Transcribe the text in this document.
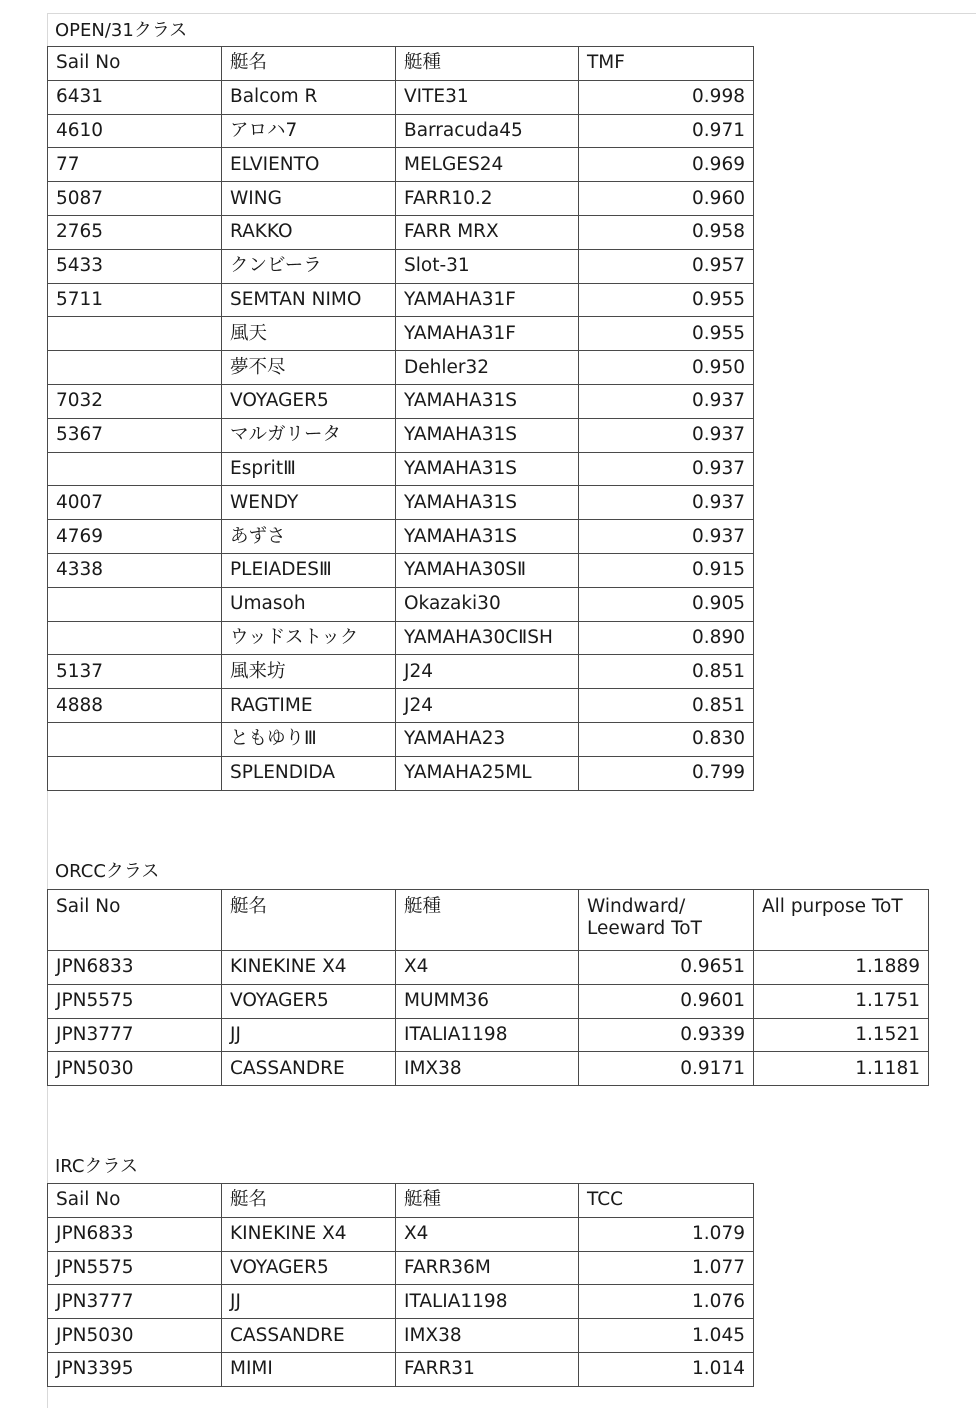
OPEN/31クラス
Sail No	艇名	艇種	TMF
6431	Balcom R	VITE31	0.998
4610	アロハ7	Barracuda45	0.971
77	ELVIENTO	MELGES24	0.969
5087	WING	FARR10.2	0.960
2765	RAKKO	FARR MRX	0.958
5433	クンビーラ	Slot-31	0.957
5711	SEMTAN NIMO	YAMAHA31F	0.955
	風天	YAMAHA31F	0.955
	夢不尽	Dehler32	0.950
7032	VOYAGER5	YAMAHA31S	0.937
5367	マルガリータ	YAMAHA31S	0.937
	EspritⅢ	YAMAHA31S	0.937
4007	WENDY	YAMAHA31S	0.937
4769	あずさ	YAMAHA31S	0.937
4338	PLEIADESⅢ	YAMAHA30SⅡ	0.915
	Umasoh	Okazaki30	0.905
	ウッドストック	YAMAHA30CⅡSH	0.890
5137	風来坊	J24	0.851
4888	RAGTIME	J24	0.851
	ともゆりⅢ	YAMAHA23	0.830
	SPLENDIDA	YAMAHA25ML	0.799
ORCCクラス
Sail No	艇名	艇種	Windward/ Leeward ToT	All purpose ToT
JPN6833	KINEKINE X4	X4	0.9651	1.1889
JPN5575	VOYAGER5	MUMM36	0.9601	1.1751
JPN3777	JJ	ITALIA1198	0.9339	1.1521
JPN5030	CASSANDRE	IMX38	0.9171	1.1181
IRCクラス
Sail No	艇名	艇種	TCC
JPN6833	KINEKINE X4	X4	1.079
JPN5575	VOYAGER5	FARR36M	1.077
JPN3777	JJ	ITALIA1198	1.076
JPN5030	CASSANDRE	IMX38	1.045
JPN3395	MIMI	FARR31	1.014
